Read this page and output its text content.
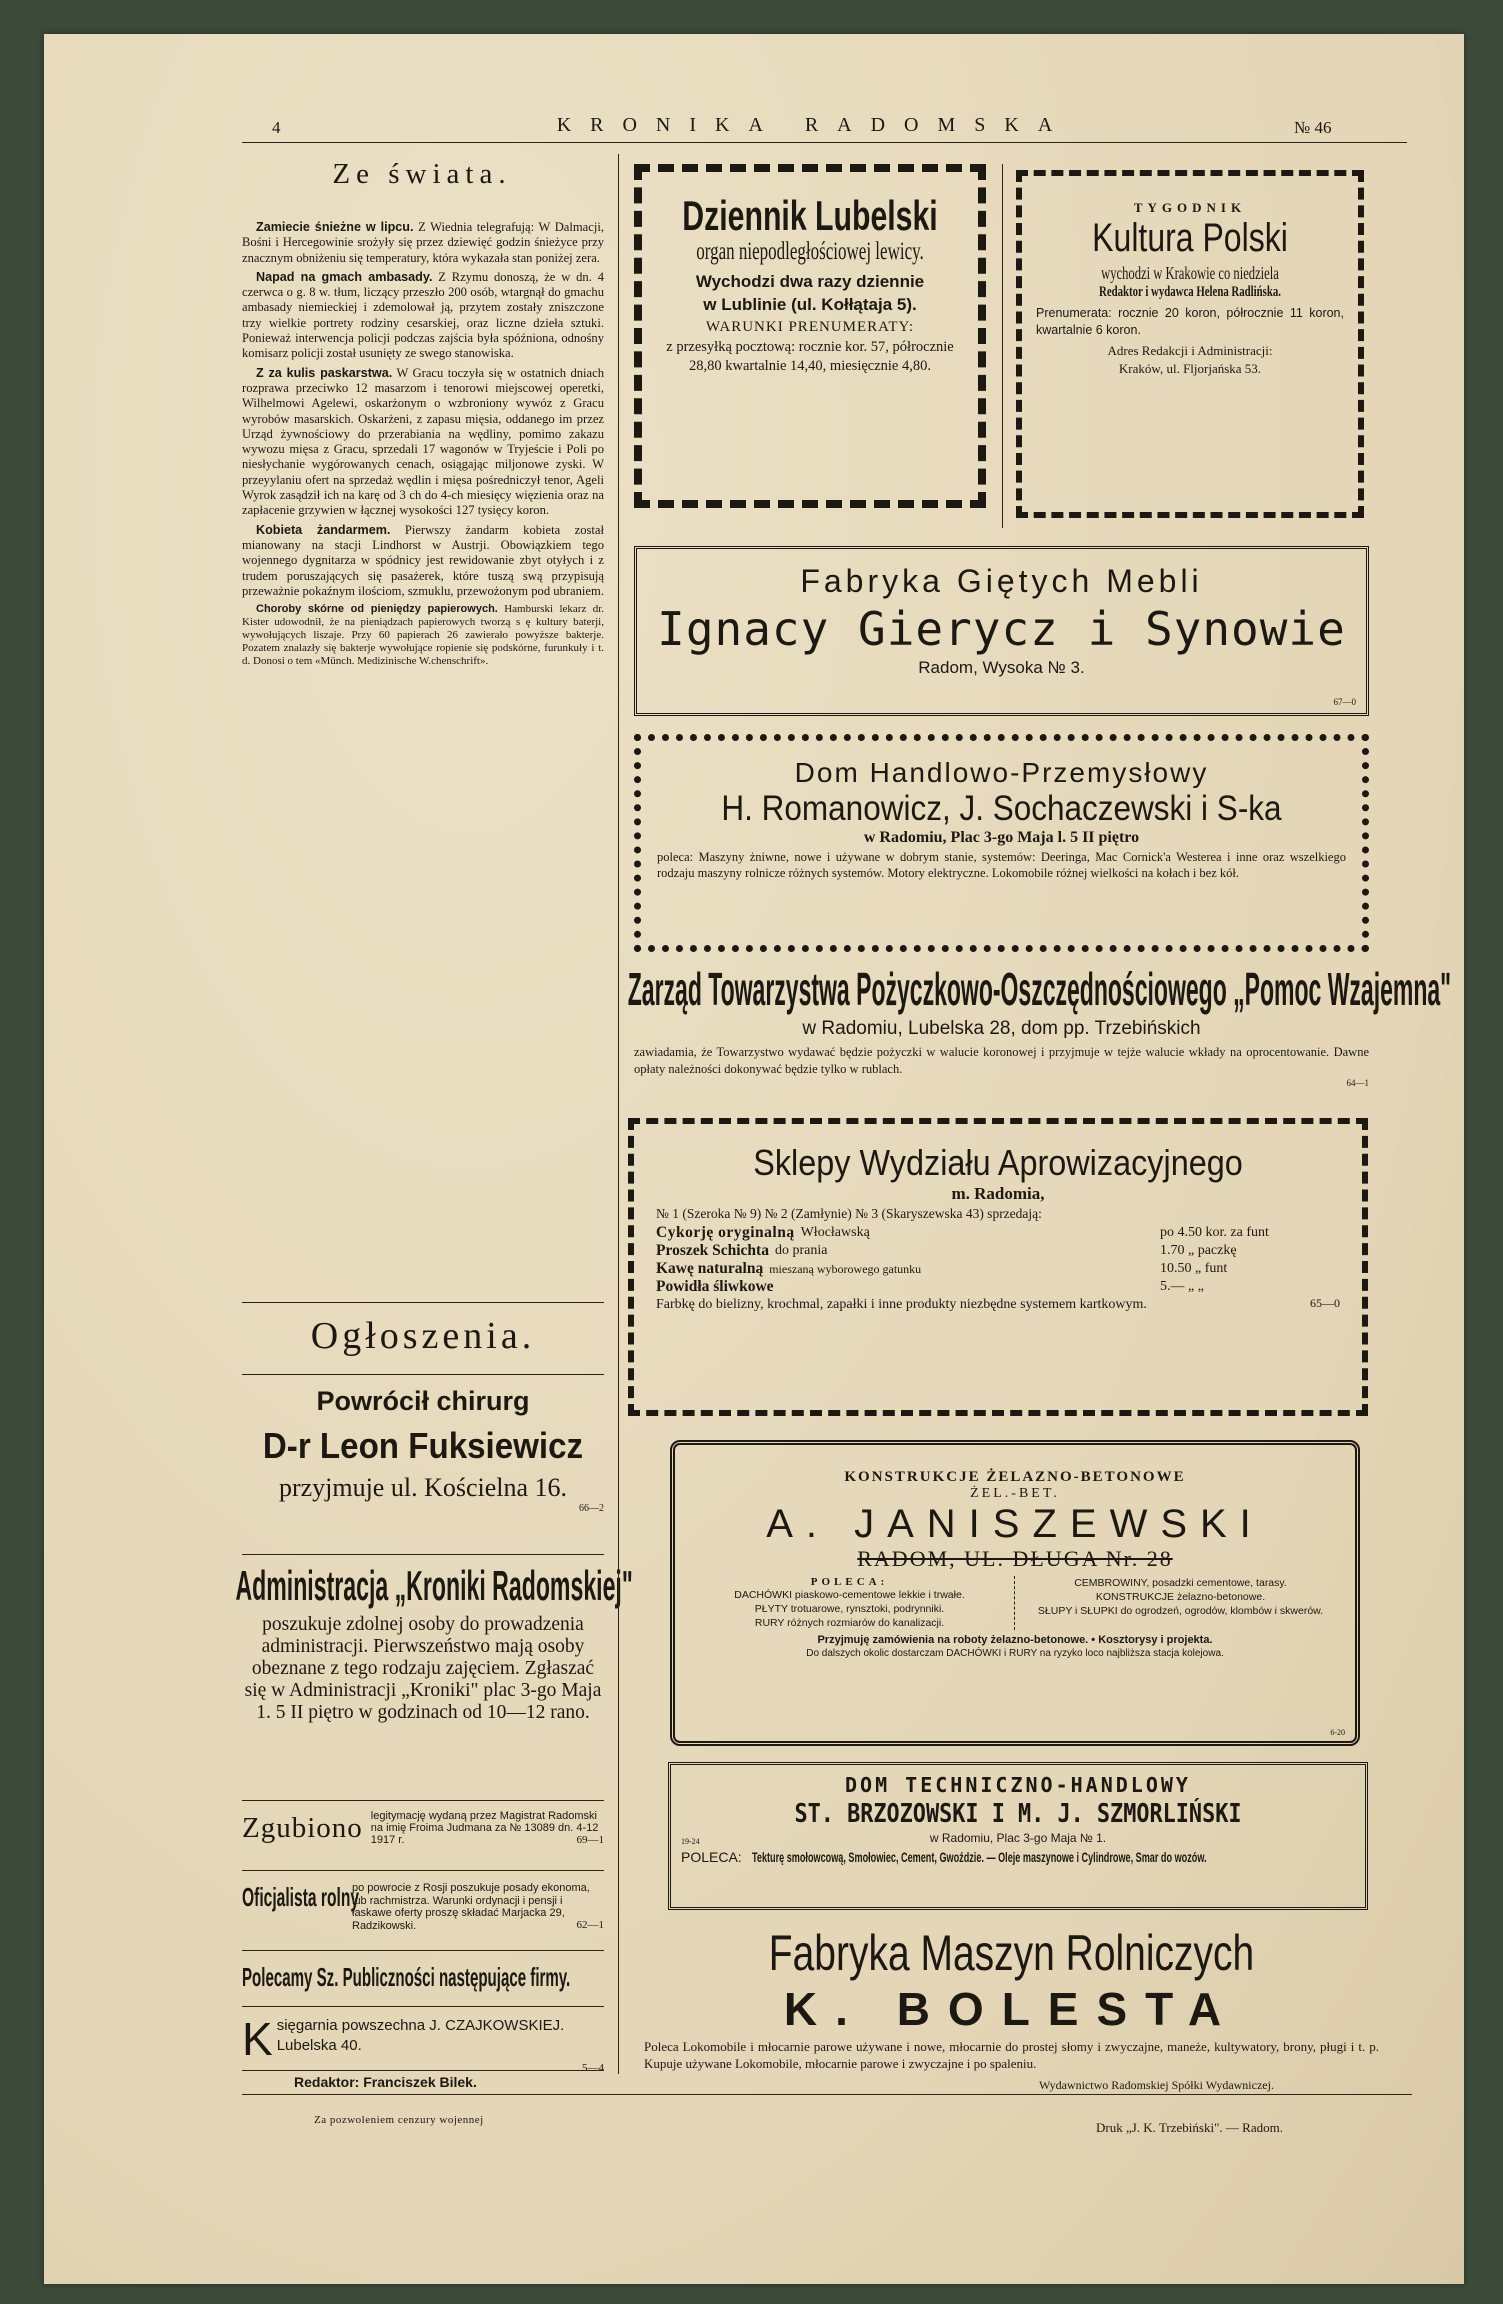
4	KRONIKA RADOMSKA	№ 46
Ze świata.

Zamiecie śnieżne w lipcu. Z Wiednia telegrafują: W Dalmacji, Bośni i Hercegowinie srożyły się przez dziewięć godzin śnieżyce przy znacznym obniżeniu się temperatury, która wykazała stan poniżej zera.

Napad na gmach ambasady. Z Rzymu donoszą, że w dn. 4 czerwca o g. 8 w. tłum, liczący przeszło 200 osób, wtargnął do gmachu ambasady niemieckiej i zdemolował ją, przytem zostały zniszczone trzy wielkie portrety rodziny cesarskiej, oraz liczne dzieła sztuki. Ponieważ interwencja policji podczas zajścia była spóźniona, odnośny komisarz policji został usunięty ze swego stanowiska.

Z za kulis paskarstwa. W Gracu toczyła się w ostatnich dniach rozprawa przeciwko 12 masarzom i tenorowi miejscowej operetki, Wilhelmowi Agelewi, oskarżonym o wzbroniony wywóz z Gracu wyrobów masarskich. Oskarżeni, z zapasu mięsia, oddanego im przez Urząd żywnościowy do przerabiania na wędliny, pomimo zakazu wywozu mięsa z Gracu, sprzedali 17 wagonów w Tryjeście i Poli po niesłychanie wygórowanych cenach, osiągając miljonowe zyski. W przeyylaniu ofert na sprzedaż wędlin i mięsa pośredniczył tenor, Ageli Wyrok zasądził ich na karę od 3 ch do 4-ch miesięcy więzienia oraz na zapłacenie grzywien w łącznej wysokości 127 tysięcy koron.

Kobieta żandarmem. Pierwszy żandarm kobieta został mianowany na stacji Lindhorst w Austrji. Obowiązkiem tego wojennego dygnitarza w spódnicy jest rewidowanie zbyt otyłych i z trudem poruszających się pasażerek, które tuszą swą przypisują przeważnie pokaźnym ilościom, szmuklu, przewożonym pod ubraniem.

Choroby skórne od pieniędzy papierowych. Hamburski lekarz dr. Kister udowodnił, że na pieniądzach papierowych tworzą s ę kultury baterji, wywołujących liszaje. Przy 60 papierach 26 zawierało powyższe bakterje. Pozatem znalazły się bakterje wywołujące ropienie się podskórne, furunkuły i t. d. Donosi o tem «Münch. Medizinische W.chenschrift».

Ogłoszenia.
Powrócił chirurg
D-r Leon Fuksiewicz
przyjmuje ul. Kościelna 16.
66—2
Administracja „Kroniki Radomskiej"
poszukuje zdolnej osoby do prowadzenia administracji. Pierwszeństwo mają osoby obeznane z tego rodzaju zajęciem. Zgłaszać się w Administracji „Kroniki" plac 3-go Maja 1. 5 II piętro w godzinach od 10—12 rano.
Zgubiono legitymację wydaną przez Magistrat Radomski na imię Froima Judmana za № 13089 dn. 4-12 1917 r.	69—1
Oficjalista rolny
po powrocie z Rosji poszukuje posady ekonoma, lub rachmistrza. Warunki ordynacji i pensji i łaskawe oferty proszę składać Marjacka 29, Radzikowski.	62—1
Polecamy Sz. Publiczności następujące firmy.
K sięgarnia powszechna J. CZAJKOWSKIEJ. Lubelska 40.
5—4
Dziennik Lubelski
organ niepodległościowej lewicy.
Wychodzi dwa razy dziennie
w Lublinie (ul. Kołłątaja 5).
WARUNKI PRENUMERATY:
z przesyłką pocztową: rocznie kor. 57, półrocznie 28,80 kwartalnie 14,40, miesięcznie 4,80.
TYGODNIK
Kultura Polski
wychodzi w Krakowie co niedziela
Redaktor i wydawca Helena Radlińska.
Prenumerata: rocznie 20 koron, półrocznie 11 koron, kwartalnie 6 koron.
Adres Redakcji i Administracji:
Kraków, ul. Fljorjańska 53.
Fabryka Giętych Mebli
Ignacy Gierycz i Synowie
Radom, Wysoka № 3.
67—0
Dom Handlowo-Przemysłowy
H. Romanowicz, J. Sochaczewski i S-ka
w Radomiu, Plac 3-go Maja l. 5 II piętro
poleca: Maszyny żniwne, nowe i używane w dobrym stanie, systemów: Deeringa, Mac Cornick'a Westerea i inne oraz wszelkiego rodzaju maszyny rolnicze różnych systemów. Motory elektryczne. Lokomobile różnej wielkości na kołach i bez kół.
Zarząd Towarzystwa Pożyczkowo-Oszczędnościowego „Pomoc Wzajemna"
w Radomiu, Lubelska 28, dom pp. Trzebińskich
zawiadamia, że Towarzystwo wydawać będzie pożyczki w walucie koronowej i przyjmuje w tejże walucie wkłady na oprocentowanie. Dawne opłaty należności dokonywać będzie tylko w rublach.
64—1
Sklepy Wydziału Aprowizacyjnego
m. Radomia,
№ 1 (Szeroka № 9) № 2 (Zamłynie) № 3 (Skaryszewska 43) sprzedają:
Cykorję oryginalną Włocławską	po 4.50 kor. za funt
Proszek Schichta do prania	1.70 „ paczkę
Kawę naturalną mieszaną wyborowego gatunku	10.50 „ funt
Powidła śliwkowe	5.— „ „
Farbkę do bielizny, krochmal, zapałki i inne produkty niezbędne systemem kartkowym.	65—0
KONSTRUKCJE ŻELAZNO-BETONOWE
ŻEL.-BET.
A. JANISZEWSKI
RADOM, UL. DŁUGA Nr. 28
POLECA:
DACHÓWKI piaskowo-cementowe lekkie i trwałe.
PŁYTY trotuarowe, rynsztoki, podrynniki.
RURY różnych rozmiarów do kanalizacji.
CEMBROWINY, posadzki cementowe, tarasy.
KONSTRUKCJE żelazno-betonowe.
SŁUPY i SŁUPKI do ogrodzeń, ogrodów, klombów i skwerów.
Przyjmuję zamówienia na roboty żelazno-betonowe. • Kosztorysy i projekta.
Do dalszych okolic dostarczam DACHÓWKI i RURY na ryzyko loco najbliższa stacja kolejowa.
6-20
DOM TECHNICZNO-HANDLOWY
ST. BRZOZOWSKI I M. J. SZMORLIŃSKI
19-24	w Radomiu, Plac 3-go Maja № 1.
POLECA: Tekturę smołowcową, Smołowiec, Cement, Gwoździe. — Oleje maszynowe i Cylindrowe, Smar do wozów.
Fabryka Maszyn Rolniczych
K. BOLESTA
Poleca Lokomobile i młocarnie parowe używane i nowe, młocarnie do prostej słomy i zwyczajne, maneże, kultywatory, brony, pługi i t. p. Kupuje używane Lokomobile, młocarnie parowe i zwyczajne i po spaleniu.
Redaktor: Franciszek Bilek.
Za pozwoleniem cenzury wojennej
Wydawnictwo Radomskiej Spółki Wydawniczej.
Druk „J. K. Trzebiński". — Radom.
